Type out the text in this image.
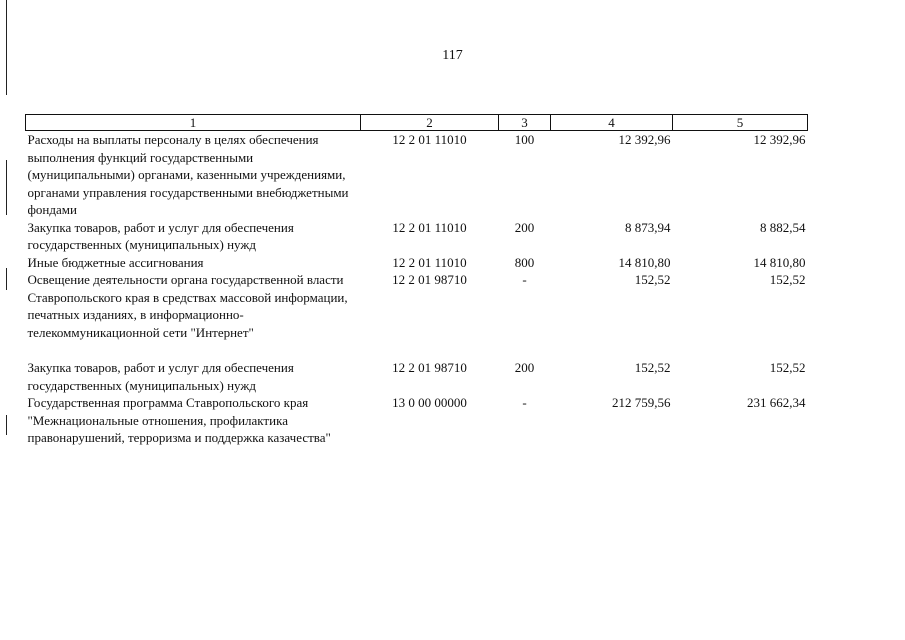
117
1	2	3	4	5
Расходы на выплаты персоналу в целях обеспечения выполнения функций государственными (муниципальными) органами, казенными учреждениями, органами управления государственными внебюджетными фондами	12 2 01 11010	100	12 392,96	12 392,96
Закупка товаров, работ и услуг для обеспечения государственных (муниципальных) нужд	12 2 01 11010	200	8 873,94	8 882,54
Иные бюджетные ассигнования	12 2 01 11010	800	14 810,80	14 810,80
Освещение деятельности органа государственной власти Ставропольского края в средствах массовой информации, печатных изданиях, в информационно-телекоммуникационной сети "Интернет"	12 2 01 98710	-	152,52	152,52

Закупка товаров, работ и услуг для обеспечения государственных (муниципальных) нужд	12 2 01 98710	200	152,52	152,52
Государственная программа Ставропольского края "Межнациональные отношения, профилактика правонарушений, терроризма и поддержка казачества"	13 0 00 00000	-	212 759,56	231 662,34
